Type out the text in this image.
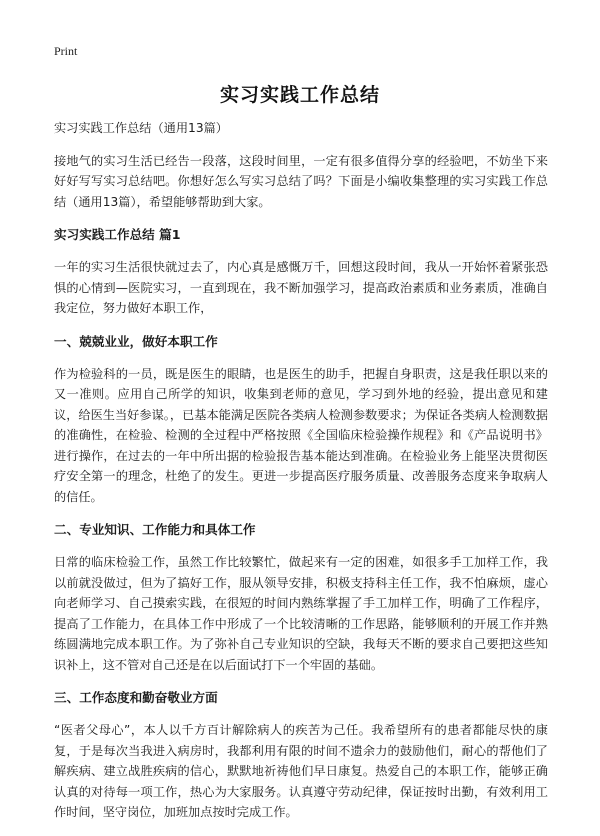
Print
实习实践工作总结
实习实践工作总结（通用13篇）

接地气的实习生活已经告一段落，这段时间里，一定有很多值得分享的经验吧，不妨坐下来好好写写实习总结吧。你想好怎么写实习总结了吗？下面是小编收集整理的实习实践工作总结（通用13篇），希望能够帮助到大家。

实习实践工作总结 篇1

一年的实习生活很快就过去了，内心真是感慨万千，回想这段时间，我从一开始怀着紧张恐惧的心情到—医院实习，一直到现在，我不断加强学习，提高政治素质和业务素质，准确自我定位，努力做好本职工作，

一、兢兢业业，做好本职工作

作为检验科的一员，既是医生的眼睛，也是医生的助手，把握自身职责，这是我任职以来的又一准则。应用自己所学的知识，收集到老师的意见，学习到外地的经验，提出意见和建议，给医生当好参谋。，已基本能满足医院各类病人检测参数要求；为保证各类病人检测数据的准确性，在检验、检测的全过程中严格按照《全国临床检验操作规程》和《产品说明书》进行操作，在过去的一年中所出据的检验报告基本能达到准确。在检验业务上能坚决贯彻医疗安全第一的理念，杜绝了的发生。更进一步提高医疗服务质量、改善服务态度来争取病人的信任。

二、专业知识、工作能力和具体工作

日常的临床检验工作，虽然工作比较繁忙，做起来有一定的困难，如很多手工加样工作，我以前就没做过，但为了搞好工作，服从领导安排，积极支持科主任工作，我不怕麻烦，虚心向老师学习、自己摸索实践，在很短的时间内熟练掌握了手工加样工作，明确了工作程序，提高了工作能力，在具体工作中形成了一个比较清晰的工作思路，能够顺利的开展工作并熟练圆满地完成本职工作。为了弥补自己专业知识的空缺，我每天不断的要求自己要把这些知识补上，这不管对自己还是在以后面试打下一个牢固的基础。

三、工作态度和勤奋敬业方面

“医者父母心”，本人以千方百计解除病人的疾苦为己任。我希望所有的患者都能尽快的康复，于是每次当我进入病房时，我都利用有限的时间不遗余力的鼓励他们，耐心的帮他们了解疾病、建立战胜疾病的信心，默默地祈祷他们早日康复。热爱自己的本职工作，能够正确认真的对待每一项工作，热心为大家服务。认真遵守劳动纪律，保证按时出勤，有效利用工作时间，坚守岗位，加班加点按时完成工作。
